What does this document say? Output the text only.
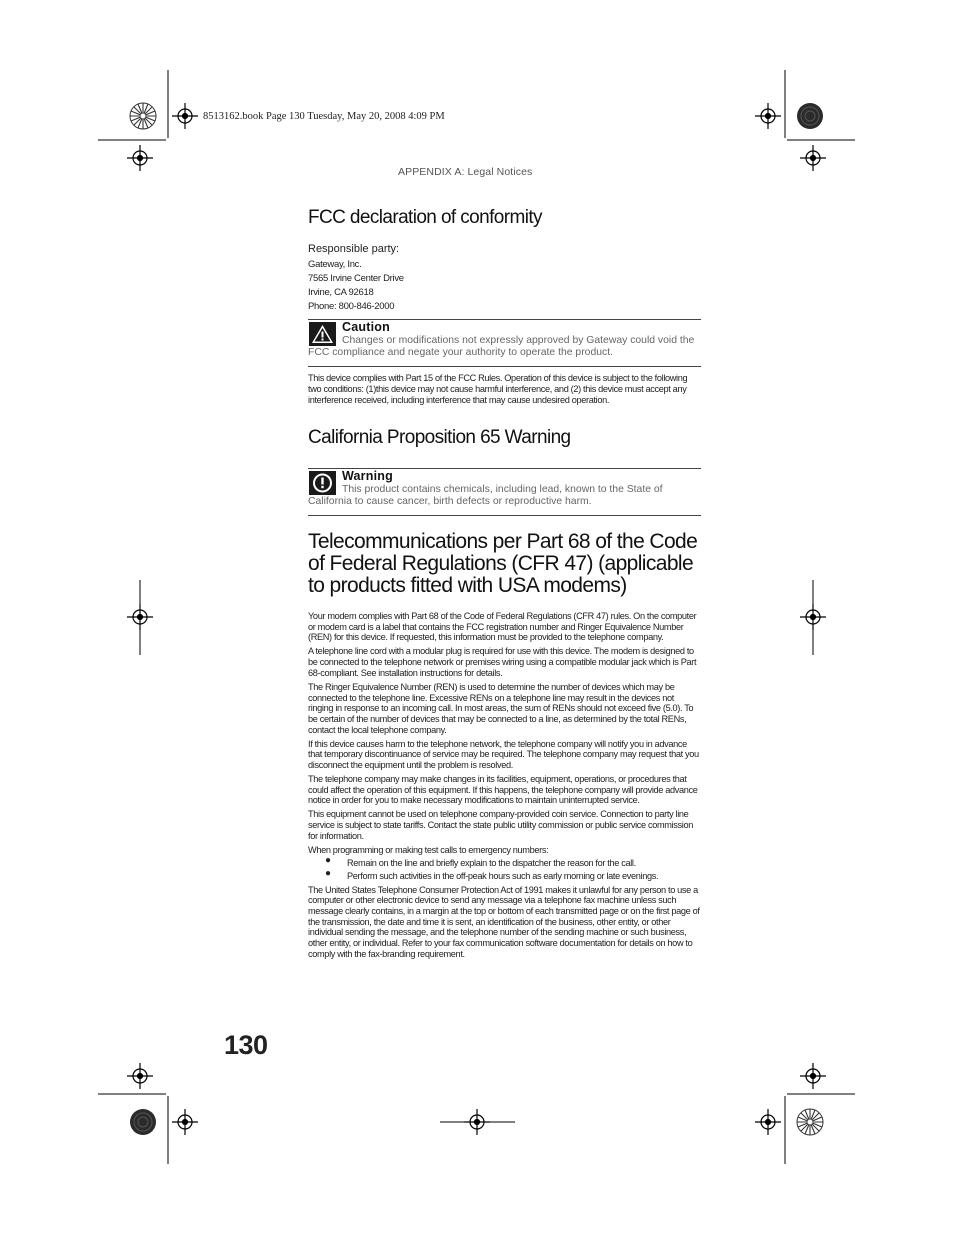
8513162.book Page 130 Tuesday, May 20, 2008 4:09 PM
APPENDIX A: Legal Notices
FCC declaration of conformity
Responsible party:
Gateway, Inc.
7565 Irvine Center Drive
Irvine, CA 92618
Phone: 800-846-2000
Caution
Changes or modifications not expressly approved by Gateway could void the FCC compliance and negate your authority to operate the product.
This device complies with Part 15 of the FCC Rules. Operation of this device is subject to the following two conditions: (1)this device may not cause harmful interference, and (2) this device must accept any interference received, including interference that may cause undesired operation.
California Proposition 65 Warning
Warning
This product contains chemicals, including lead, known to the State of California to cause cancer, birth defects or reproductive harm.
Telecommunications per Part 68 of the Code of Federal Regulations (CFR 47) (applicable to products fitted with USA modems)

Your modem complies with Part 68 of the Code of Federal Regulations (CFR 47) rules. On the computer or modem card is a label that contains the FCC registration number and Ringer Equivalence Number (REN) for this device. If requested, this information must be provided to the telephone company.

A telephone line cord with a modular plug is required for use with this device. The modem is designed to be connected to the telephone network or premises wiring using a compatible modular jack which is Part 68-compliant. See installation instructions for details.

The Ringer Equivalence Number (REN) is used to determine the number of devices which may be connected to the telephone line. Excessive RENs on a telephone line may result in the devices not ringing in response to an incoming call. In most areas, the sum of RENs should not exceed five (5.0). To be certain of the number of devices that may be connected to a line, as determined by the total RENs, contact the local telephone company.

If this device causes harm to the telephone network, the telephone company will notify you in advance that temporary discontinuance of service may be required. The telephone company may request that you disconnect the equipment until the problem is resolved.

The telephone company may make changes in its facilities, equipment, operations, or procedures that could affect the operation of this equipment. If this happens, the telephone company will provide advance notice in order for you to make necessary modifications to maintain uninterrupted service.

This equipment cannot be used on telephone company-provided coin service. Connection to party line service is subject to state tariffs. Contact the state public utility commission or public service commission for information.

When programming or making test calls to emergency numbers:

● Remain on the line and briefly explain to the dispatcher the reason for the call.
● Perform such activities in the off-peak hours such as early morning or late evenings.

The United States Telephone Consumer Protection Act of 1991 makes it unlawful for any person to use a computer or other electronic device to send any message via a telephone fax machine unless such message clearly contains, in a margin at the top or bottom of each transmitted page or on the first page of the transmission, the date and time it is sent, an identification of the business, other entity, or other individual sending the message, and the telephone number of the sending machine or such business, other entity, or individual. Refer to your fax communication software documentation for details on how to comply with the fax-branding requirement.

130
